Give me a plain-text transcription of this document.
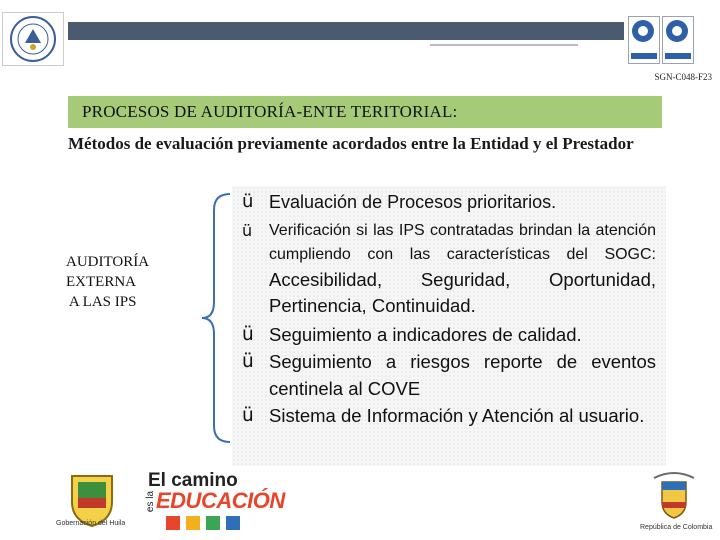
SGN-C048-F23
PROCESOS DE AUDITORÍA-ENTE TERITORIAL:
Métodos de evaluación previamente acordados entre la Entidad y el Prestador
AUDITORÍA
EXTERNA
A LAS IPS
ü Evaluación de Procesos prioritarios.
ü Verificación si las IPS contratadas brindan la atención cumpliendo con las características del SOGC: Accesibilidad, Seguridad, Oportunidad, Pertinencia, Continuidad.
ü Seguimiento a indicadores de calidad.
ü Seguimiento a riesgos reporte de eventos centinela al COVE
ü Sistema de Información y Atención al usuario.
Gobernación del Huila
El camino
es la EDUCACIÓN

República de Colombia
